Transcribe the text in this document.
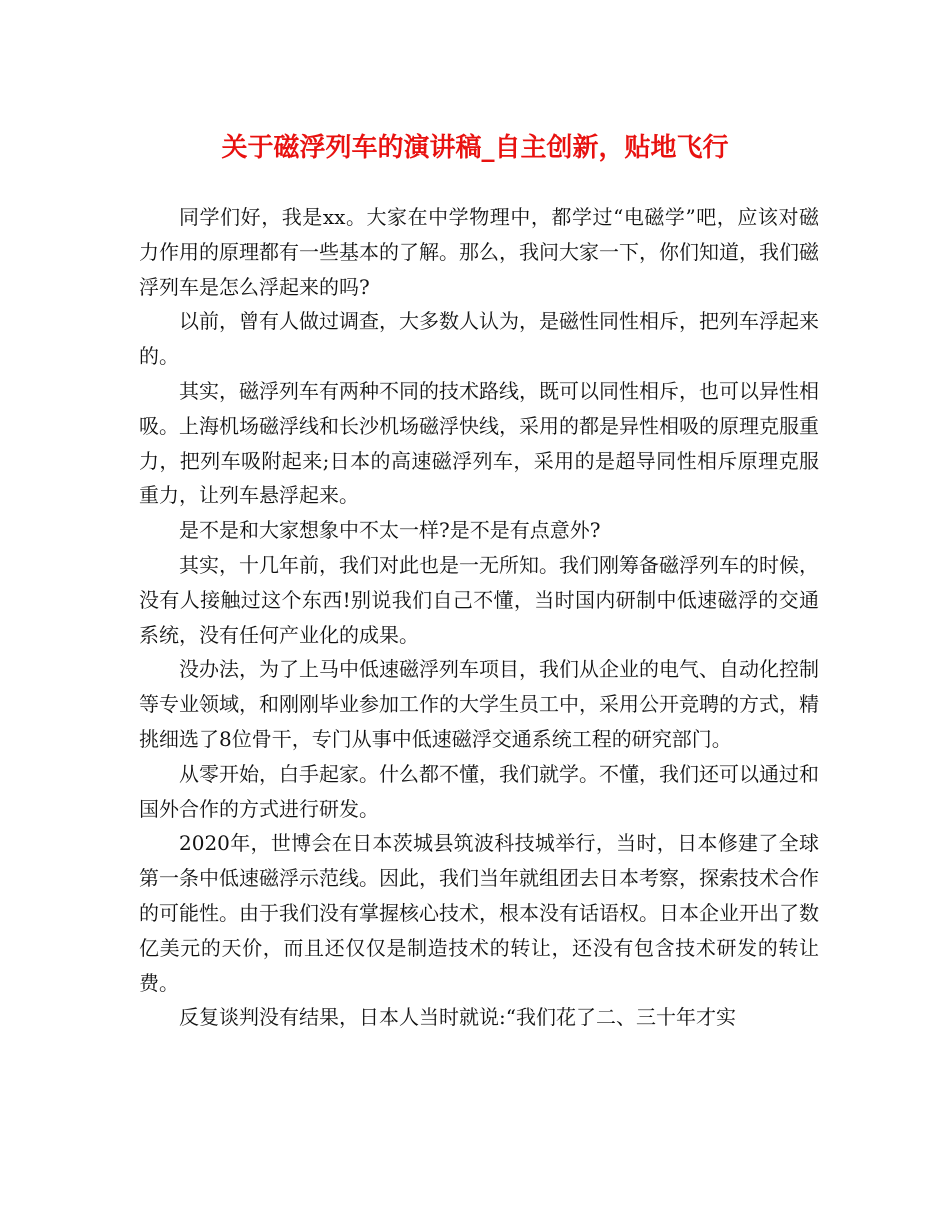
关于磁浮列车的演讲稿_自主创新，贴地飞行

同学们好，我是xx。大家在中学物理中，都学过“电磁学”吧，应该对磁力作用的原理都有一些基本的了解。那么，我问大家一下，你们知道，我们磁浮列车是怎么浮起来的吗?

以前，曾有人做过调查，大多数人认为，是磁性同性相斥，把列车浮起来的。

其实，磁浮列车有两种不同的技术路线，既可以同性相斥，也可以异性相吸。上海机场磁浮线和长沙机场磁浮快线，采用的都是异性相吸的原理克服重力，把列车吸附起来;日本的高速磁浮列车，采用的是超导同性相斥原理克服重力，让列车悬浮起来。

是不是和大家想象中不太一样?是不是有点意外?

其实，十几年前，我们对此也是一无所知。我们刚筹备磁浮列车的时候，没有人接触过这个东西!别说我们自己不懂，当时国内研制中低速磁浮的交通系统，没有任何产业化的成果。

没办法，为了上马中低速磁浮列车项目，我们从企业的电气、自动化控制等专业领域，和刚刚毕业参加工作的大学生员工中，采用公开竞聘的方式，精挑细选了8位骨干，专门从事中低速磁浮交通系统工程的研究部门。

从零开始，白手起家。什么都不懂，我们就学。不懂，我们还可以通过和国外合作的方式进行研发。

2020年，世博会在日本茨城县筑波科技城举行，当时，日本修建了全球第一条中低速磁浮示范线。因此，我们当年就组团去日本考察，探索技术合作的可能性。由于我们没有掌握核心技术，根本没有话语权。日本企业开出了数亿美元的天价，而且还仅仅是制造技术的转让，还没有包含技术研发的转让费。

反复谈判没有结果，日本人当时就说:“我们花了二、三十年才实
